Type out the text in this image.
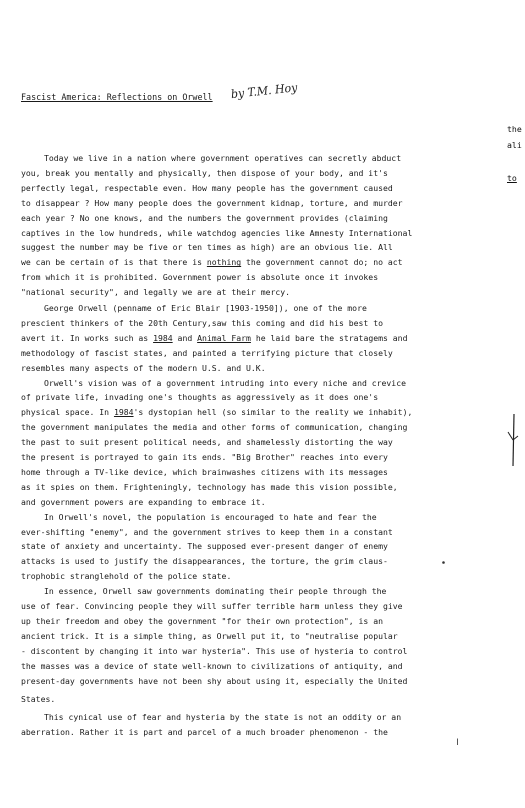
Fascist America: Reflections on Orwell by T.M. Hoy
Today we live in a nation where government operatives can secretly abduct
you, break you mentally and physically, then dispose of your body, and it's
perfectly legal, respectable even. How many people has the government caused
to disappear ? How many people does the government kidnap, torture, and murder
each year ? No one knows, and the numbers the government provides (claiming
captives in the low hundreds, while watchdog agencies like Amnesty International
suggest the number may be five or ten times as high) are an obvious lie. All
we can be certain of is that there is nothing the government cannot do; no act
from which it is prohibited. Government power is absolute once it invokes
"national security", and legally we are at their mercy.
George Orwell (penname of Eric Blair [1903-1950]), one of the more
prescient thinkers of the 20th Century,saw this coming and did his best to
avert it. In works such as 1984 and Animal Farm he laid bare the stratagems and
methodology of fascist states, and painted a terrifying picture that closely
resembles many aspects of the modern U.S. and U.K.
Orwell's vision was of a government intruding into every niche and crevice
of private life, invading one's thoughts as aggressively as it does one's
physical space. In 1984's dystopian hell (so similar to the reality we inhabit),
the government manipulates the media and other forms of communication, changing
the past to suit present political needs, and shamelessly distorting the way
the present is portrayed to gain its ends. "Big Brother" reaches into every
home through a TV-like device, which brainwashes citizens with its messages
as it spies on them. Frighteningly, technology has made this vision possible,
and government powers are expanding to embrace it.
In Orwell's novel, the population is encouraged to hate and fear the
ever-shifting "enemy", and the government strives to keep them in a constant
state of anxiety and uncertainty. The supposed ever-present danger of enemy
attacks is used to justify the disappearances, the torture, the grim claus-
trophobic stranglehold of the police state.
In essence, Orwell saw governments dominating their people through the
use of fear. Convincing people they will suffer terrible harm unless they give
up their freedom and obey the government "for their own protection", is an
ancient trick. It is a simple thing, as Orwell put it, to "neutralise popular
- discontent by changing it into war hysteria". This use of hysteria to control
the masses was a device of state well-known to civilizations of antiquity, and
present-day governments have not been shy about using it, especially the United
States.
This cynical use of fear and hysteria by the state is not an oddity or an
aberration. Rather it is part and parcel of a much broader phenomenon - the
the
ali
to
